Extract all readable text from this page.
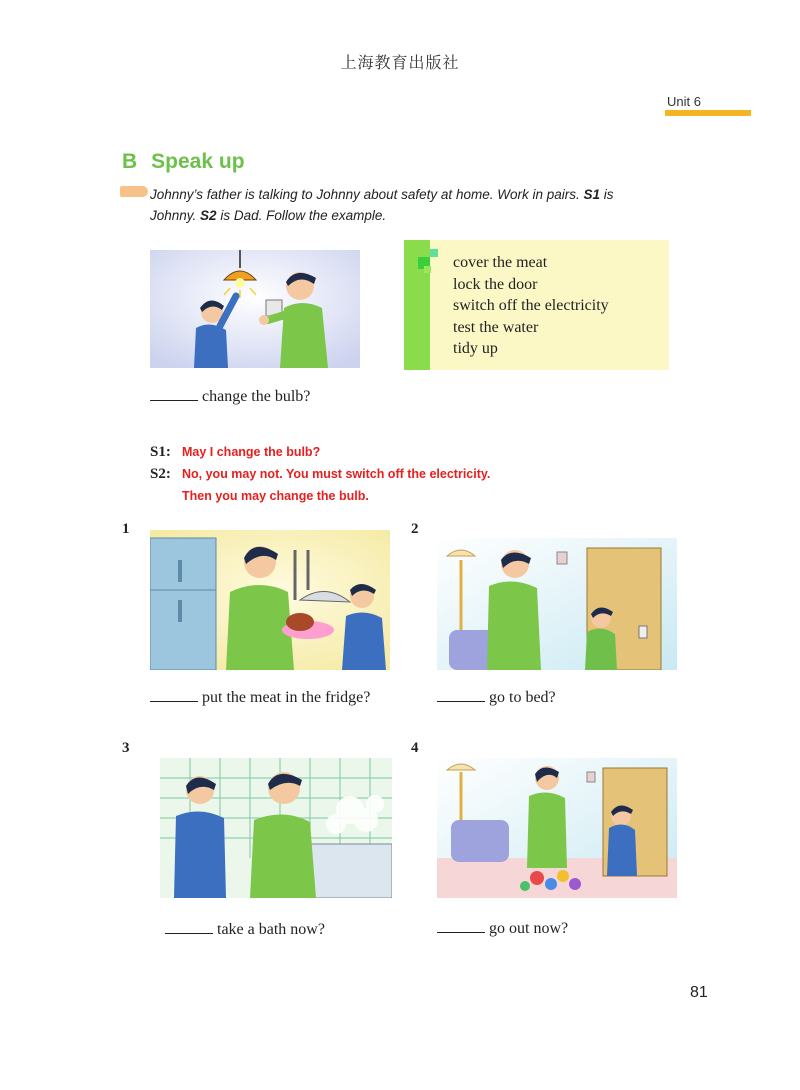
上海教育出版社
Unit 6
B Speak up
Johnny’s father is talking to Johnny about safety at home. Work in pairs. S1 is Johnny. S2 is Dad. Follow the example.
cover the meat
lock the door
switch off the electricity
test the water
tidy up
change the bulb?
S1: May I change the bulb?
S2: No, you may not. You must switch off the electricity.
Then you may change the bulb.
1
put the meat in the fridge?
2
go to bed?
3
take a bath now?
4
go out now?
81
